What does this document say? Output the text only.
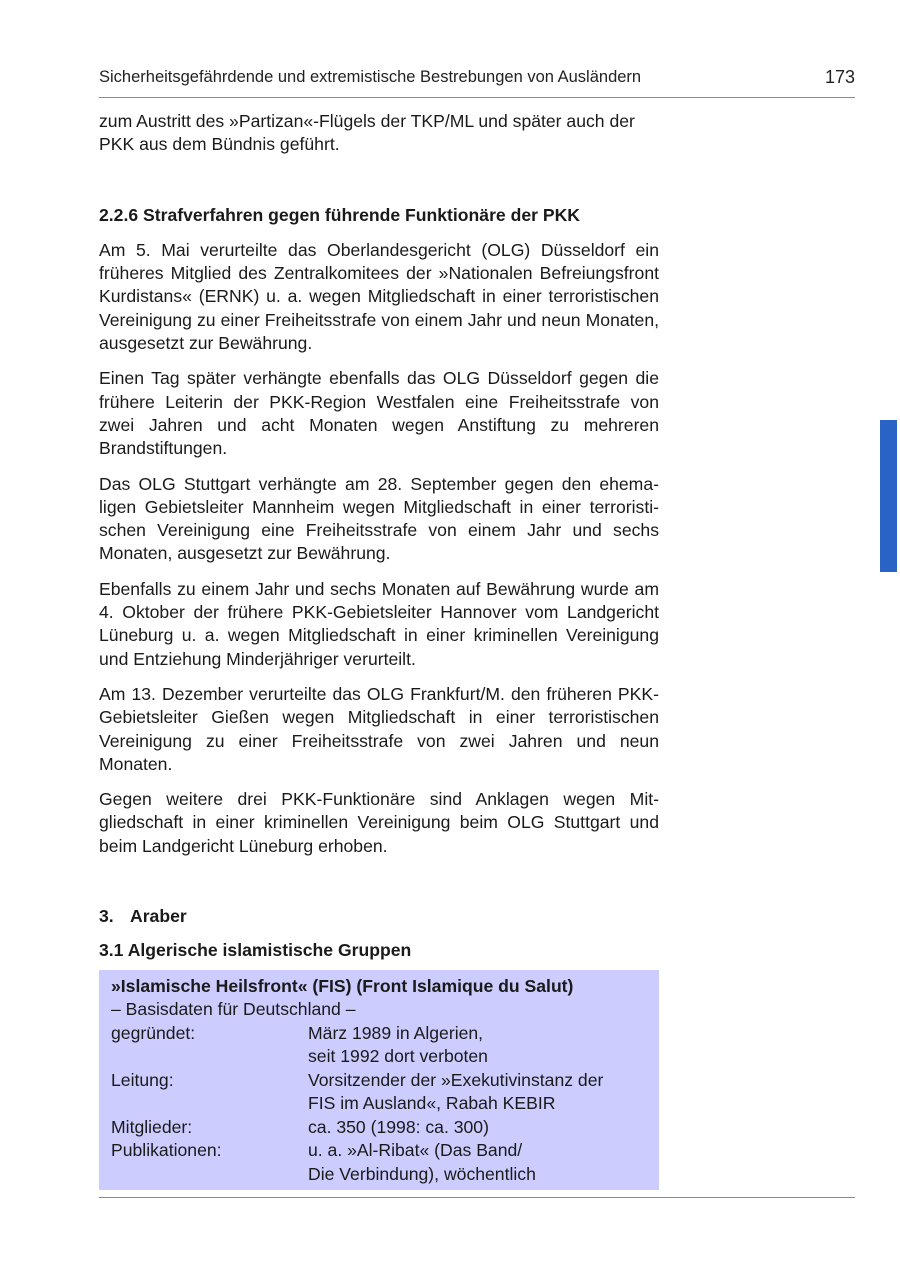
Sicherheitsgefährdende und extremistische Bestrebungen von Ausländern	173

zum Austritt des »Partizan«-Flügels der TKP/ML und später auch der PKK aus dem Bündnis geführt.

2.2.6 Strafverfahren gegen führende Funktionäre der PKK

Am 5. Mai verurteilte das Oberlandesgericht (OLG) Düsseldorf ein früheres Mitglied des Zentralkomitees der »Nationalen Befreiungsfront Kurdistans« (ERNK) u. a. wegen Mitgliedschaft in einer terroristischen Vereinigung zu einer Freiheitsstrafe von einem Jahr und neun Monaten, ausgesetzt zur Bewährung.

Einen Tag später verhängte ebenfalls das OLG Düsseldorf gegen die frühere Leiterin der PKK-Region Westfalen eine Freiheitsstrafe von zwei Jahren und acht Monaten wegen Anstiftung zu mehreren Brandstiftungen.

Das OLG Stuttgart verhängte am 28. September gegen den ehemaligen Gebietsleiter Mannheim wegen Mitgliedschaft in einer terroristischen Vereinigung eine Freiheitsstrafe von einem Jahr und sechs Monaten, ausgesetzt zur Bewährung.

Ebenfalls zu einem Jahr und sechs Monaten auf Bewährung wurde am 4. Oktober der frühere PKK-Gebietsleiter Hannover vom Landgericht Lüneburg u. a. wegen Mitgliedschaft in einer kriminellen Vereinigung und Entziehung Minderjähriger verurteilt.

Am 13. Dezember verurteilte das OLG Frankfurt/M. den früheren PKK-Gebietsleiter Gießen wegen Mitgliedschaft in einer terroristischen Vereinigung zu einer Freiheitsstrafe von zwei Jahren und neun Monaten.

Gegen weitere drei PKK-Funktionäre sind Anklagen wegen Mitgliedschaft in einer kriminellen Vereinigung beim OLG Stuttgart und beim Landgericht Lüneburg erhoben.

3. Araber
3.1 Algerische islamistische Gruppen
»Islamische Heilsfront« (FIS) (Front Islamique du Salut)
– Basisdaten für Deutschland –
gegründet:	März 1989 in Algerien,
seit 1992 dort verboten
Leitung:	Vorsitzender der »Exekutivinstanz der
FIS im Ausland«, Rabah KEBIR
Mitglieder:	ca. 350 (1998: ca. 300)
Publikationen:	u. a. »Al-Ribat« (Das Band/
Die Verbindung), wöchentlich
